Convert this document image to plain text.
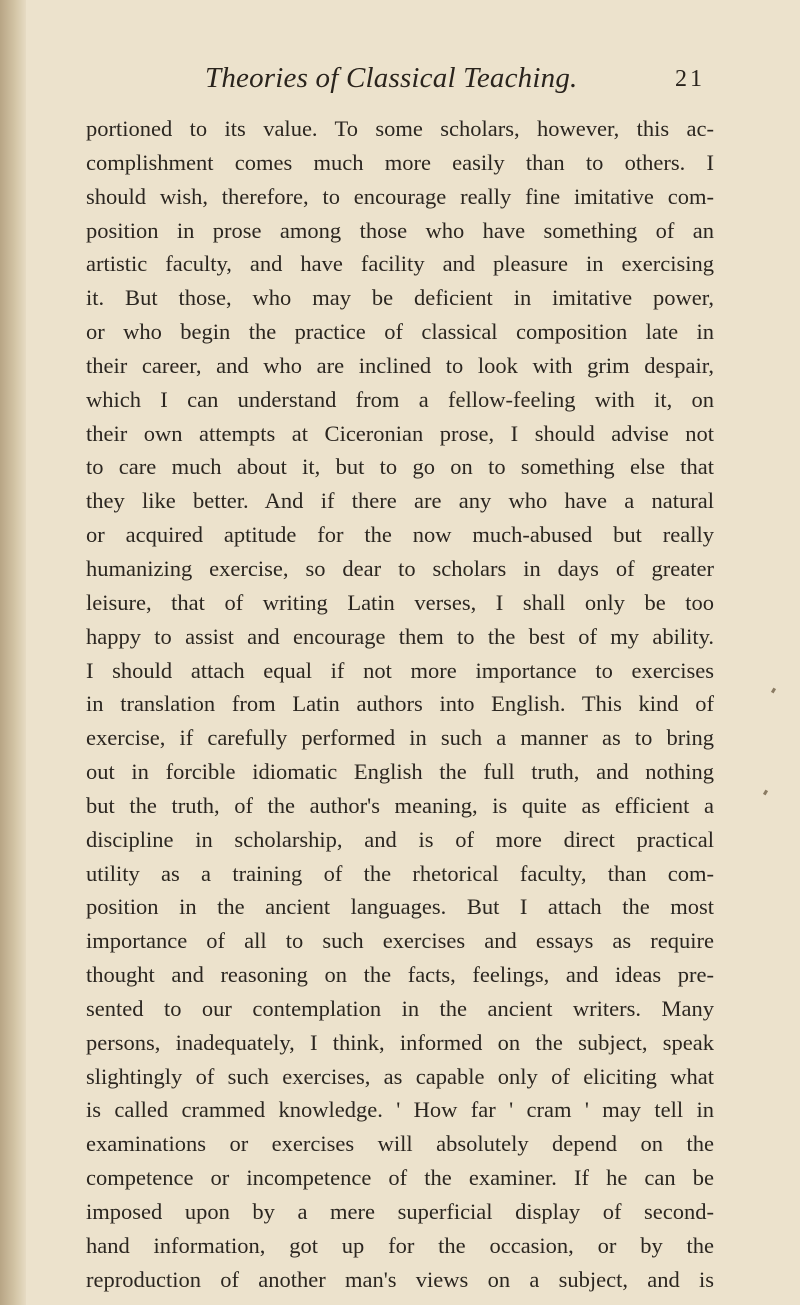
Theories of Classical Teaching.	21
portioned to its value. To some scholars, however, this ac-
complishment comes much more easily than to others. I
should wish, therefore, to encourage really fine imitative com-
position in prose among those who have something of an
artistic faculty, and have facility and pleasure in exercising
it. But those, who may be deficient in imitative power,
or who begin the practice of classical composition late in
their career, and who are inclined to look with grim despair,
which I can understand from a fellow-feeling with it, on
their own attempts at Ciceronian prose, I should advise not
to care much about it, but to go on to something else that
they like better. And if there are any who have a natural
or acquired aptitude for the now much-abused but really
humanizing exercise, so dear to scholars in days of greater
leisure, that of writing Latin verses, I shall only be too
happy to assist and encourage them to the best of my ability.
I should attach equal if not more importance to exercises
in translation from Latin authors into English. This kind of
exercise, if carefully performed in such a manner as to bring
out in forcible idiomatic English the full truth, and nothing
but the truth, of the author's meaning, is quite as efficient a
discipline in scholarship, and is of more direct practical
utility as a training of the rhetorical faculty, than com-
position in the ancient languages. But I attach the most
importance of all to such exercises and essays as require
thought and reasoning on the facts, feelings, and ideas pre-
sented to our contemplation in the ancient writers. Many
persons, inadequately, I think, informed on the subject, speak
slightingly of such exercises, as capable only of eliciting what
is called crammed knowledge. ' How far ' cram ' may tell in
examinations or exercises will absolutely depend on the
competence or incompetence of the examiner. If he can be
imposed upon by a mere superficial display of second-
hand information, got up for the occasion, or by the
reproduction of another man's views on a subject, and is
